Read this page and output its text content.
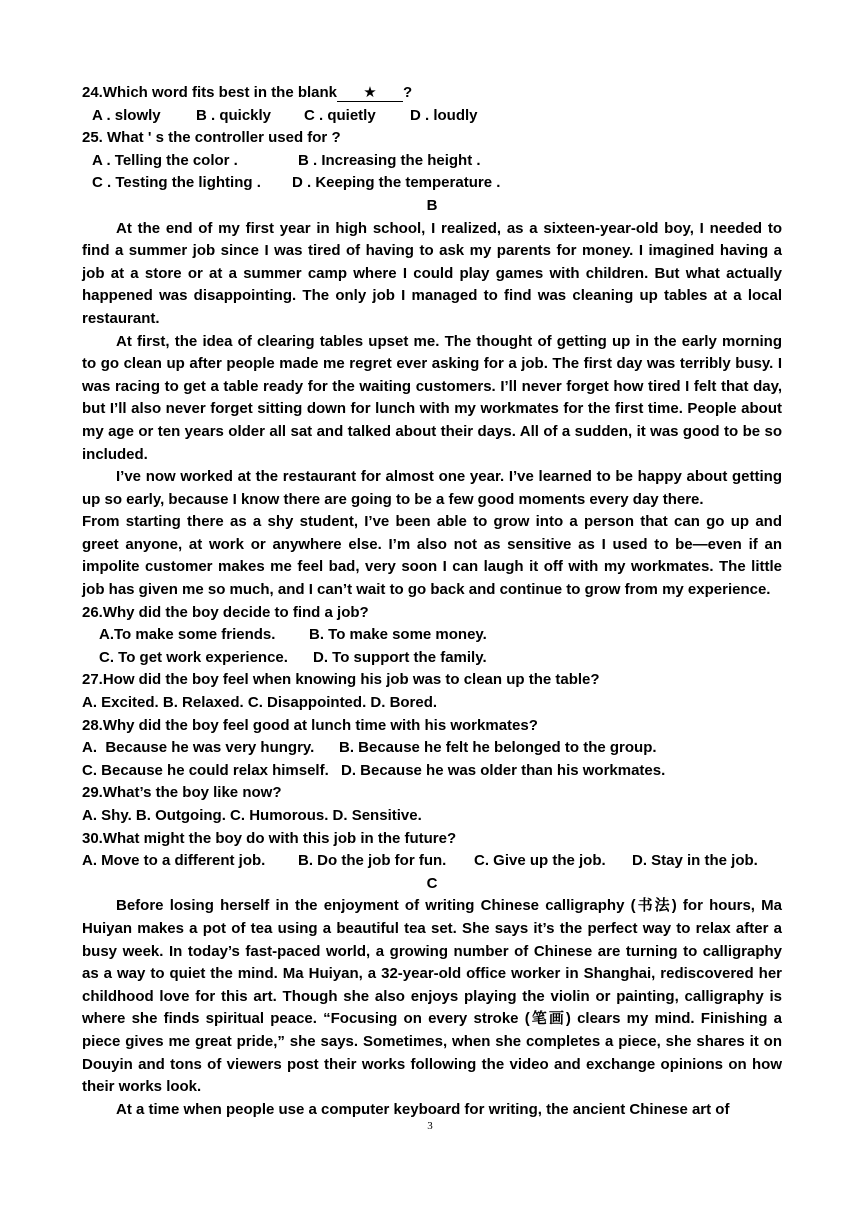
24.Which word fits best in the blank ★ ?
A . slowly B . quickly C . quietly D . loudly
25. What ' s the controller used for ?
A . Telling the color .	B . Increasing the height .
C . Testing the lighting . D . Keeping the temperature .
B

At the end of my first year in high school, I realized, as a sixteen-year-old boy, I needed to find a summer job since I was tired of having to ask my parents for money. I imagined having a job at a store or at a summer camp where I could play games with children. But what actually happened was disappointing. The only job I managed to find was cleaning up tables at a local restaurant.

At first, the idea of clearing tables upset me. The thought of getting up in the early morning to go clean up after people made me regret ever asking for a job. The first day was terribly busy. I was racing to get a table ready for the waiting customers. I’ll never forget how tired I felt that day, but I’ll also never forget sitting down for lunch with my workmates for the first time. People about my age or ten years older all sat and talked about their days. All of a sudden, it was good to be so included.

I’ve now worked at the restaurant for almost one year. I’ve learned to be happy about getting up so early, because I know there are going to be a few good moments every day there.

From starting there as a shy student, I’ve been able to grow into a person that can go up and greet anyone, at work or anywhere else. I’m also not as sensitive as I used to be—even if an impolite customer makes me feel bad, very soon I can laugh it off with my workmates. The little job has given me so much, and I can’t wait to go back and continue to grow from my experience.

26.Why did the boy decide to find a job?
A.To make some friends. B. To make some money.
C. To get work experience. D. To support the family.
27.How did the boy feel when knowing his job was to clean up the table?
A. Excited. B. Relaxed. C. Disappointed. D. Bored.
28.Why did the boy feel good at lunch time with his workmates?
A.  Because he was very hungry. B. Because he felt he belonged to the group.
C. Because he could relax himself. D. Because he was older than his workmates.
29.What’s the boy like now?
A. Shy. B. Outgoing. C. Humorous. D. Sensitive.
30.What might the boy do with this job in the future?
A. Move to a different job. B. Do the job for fun. C. Give up the job. D. Stay in the job.
C

Before losing herself in the enjoyment of writing Chinese calligraphy (书法) for hours, Ma Huiyan makes a pot of tea using a beautiful tea set. She says it’s the perfect way to relax after a busy week. In today’s fast-paced world, a growing number of Chinese are turning to calligraphy as a way to quiet the mind. Ma Huiyan, a 32-year-old office worker in Shanghai, rediscovered her childhood love for this art. Though she also enjoys playing the violin or painting, calligraphy is where she finds spiritual peace. “Focusing on every stroke (笔画) clears my mind. Finishing a piece gives me great pride,” she says. Sometimes, when she completes a piece, she shares it on Douyin and tons of viewers post their works following the video and exchange opinions on how their works look.

At a time when people use a computer keyboard for writing, the ancient Chinese art of

3
